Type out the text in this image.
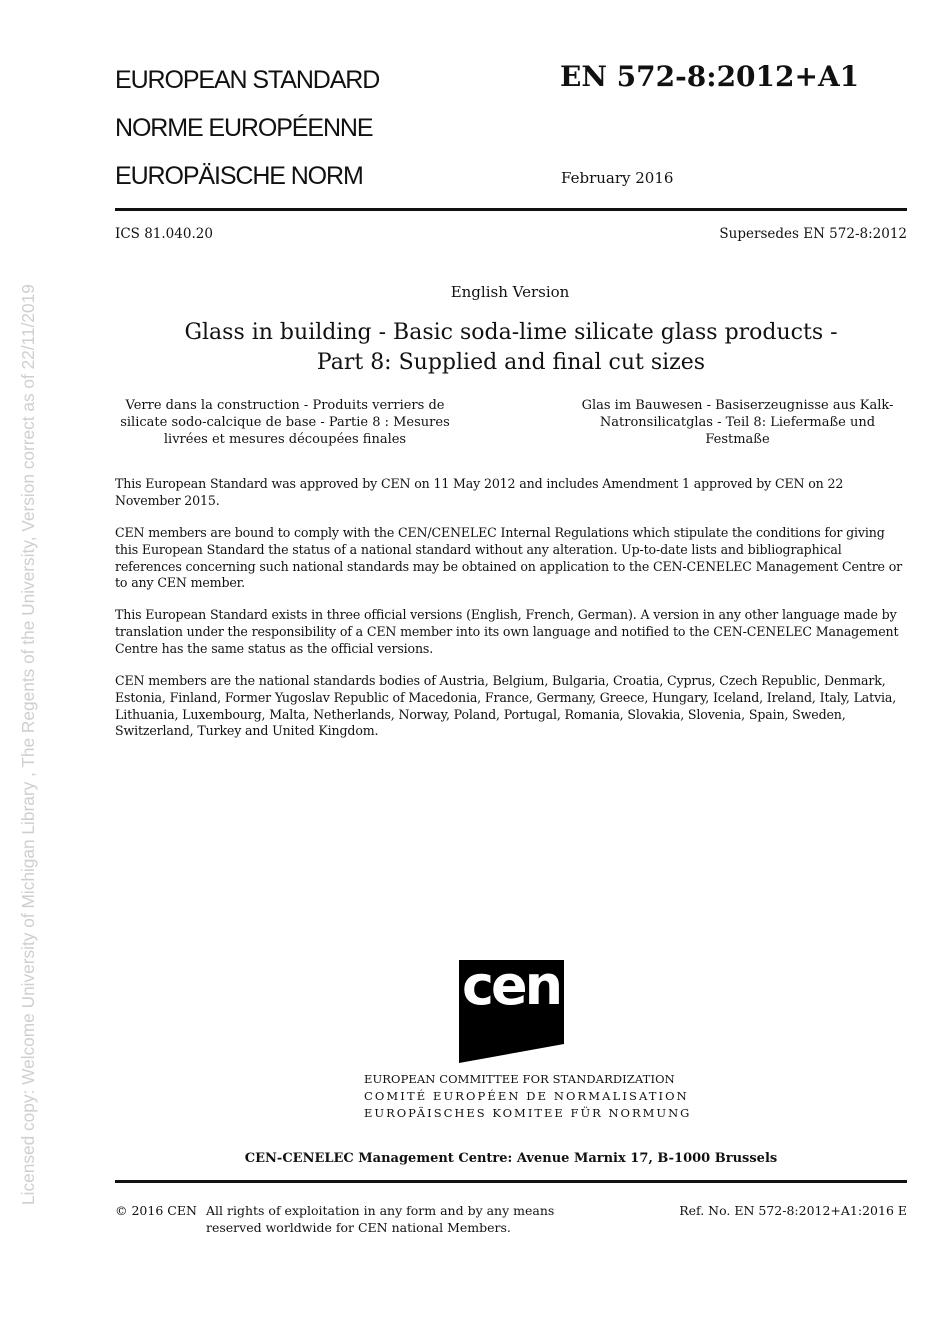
Licensed copy: Welcome University of Michigan Library , The Regents of the University, Version correct as of 22/11/2019
EUROPEAN STANDARD
NORME EUROPÉENNE
EUROPÄISCHE NORM
EN 572-8:2012+A1
February 2016
ICS 81.040.20	Supersedes EN 572-8:2012
English Version
Glass in building - Basic soda-lime silicate glass products -
Part 8: Supplied and final cut sizes
Verre dans la construction - Produits verriers de silicate sodo-calcique de base - Partie 8 : Mesures livrées et mesures découpées finales
Glas im Bauwesen - Basiserzeugnisse aus Kalk-Natronsilicatglas - Teil 8: Liefermaße und Festmaße

This European Standard was approved by CEN on 11 May 2012 and includes Amendment 1 approved by CEN on 22 November 2015.

CEN members are bound to comply with the CEN/CENELEC Internal Regulations which stipulate the conditions for giving this European Standard the status of a national standard without any alteration. Up-to-date lists and bibliographical references concerning such national standards may be obtained on application to the CEN-CENELEC Management Centre or to any CEN member.

This European Standard exists in three official versions (English, French, German). A version in any other language made by translation under the responsibility of a CEN member into its own language and notified to the CEN-CENELEC Management Centre has the same status as the official versions.

CEN members are the national standards bodies of Austria, Belgium, Bulgaria, Croatia, Cyprus, Czech Republic, Denmark, Estonia, Finland, Former Yugoslav Republic of Macedonia, France, Germany, Greece, Hungary, Iceland, Ireland, Italy, Latvia, Lithuania, Luxembourg, Malta, Netherlands, Norway, Poland, Portugal, Romania, Slovakia, Slovenia, Spain, Sweden, Switzerland, Turkey and United Kingdom.

cen
EUROPEAN COMMITTEE FOR STANDARDIZATION
COMITÉ EUROPÉEN DE NORMALISATION
EUROPÄISCHES KOMITEE FÜR NORMUNG
CEN-CENELEC Management Centre: Avenue Marnix 17, B-1000 Brussels
© 2016 CEN All rights of exploitation in any form and by any means reserved worldwide for CEN national Members.
Ref. No. EN 572-8:2012+A1:2016 E
